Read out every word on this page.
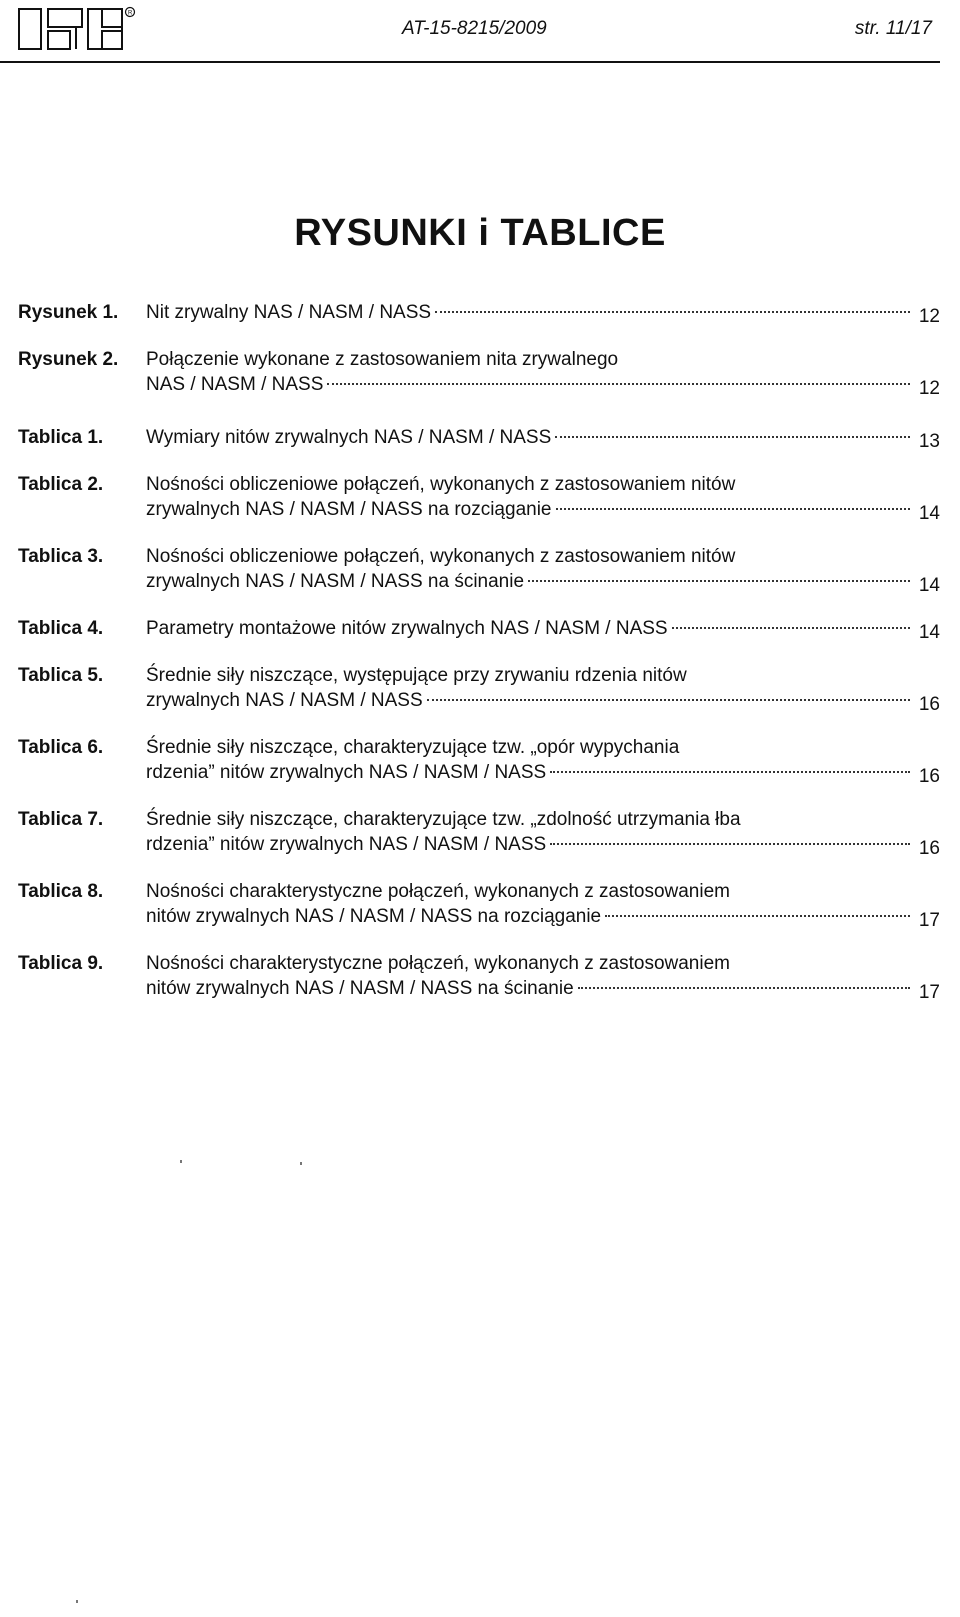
R
AT-15-8215/2009	str. 11/17
RYSUNKI i TABLICE
Rysunek 1.	Nit zrywalny NAS / NASM / NASS	12
Rysunek 2.	Połączenie wykonane z zastosowaniem nita zrywalnego
NAS / NASM / NASS	12
Tablica 1.	Wymiary nitów zrywalnych NAS / NASM / NASS	13
Tablica 2.	Nośności obliczeniowe połączeń, wykonanych z zastosowaniem nitów
zrywalnych NAS / NASM / NASS na rozciąganie	14
Tablica 3.	Nośności obliczeniowe połączeń, wykonanych z zastosowaniem nitów
zrywalnych NAS / NASM / NASS na ścinanie	14
Tablica 4.	Parametry montażowe nitów zrywalnych NAS / NASM / NASS	14
Tablica 5.	Średnie siły niszczące, występujące przy zrywaniu rdzenia nitów
zrywalnych NAS / NASM / NASS	16
Tablica 6.	Średnie siły niszczące, charakteryzujące tzw. „opór wypychania
rdzenia” nitów zrywalnych NAS / NASM / NASS	16
Tablica 7.	Średnie siły niszczące, charakteryzujące tzw. „zdolność utrzymania łba
rdzenia” nitów zrywalnych NAS / NASM / NASS	16
Tablica 8.	Nośności charakterystyczne połączeń, wykonanych z zastosowaniem
nitów zrywalnych NAS / NASM / NASS na rozciąganie	17
Tablica 9.	Nośności charakterystyczne połączeń, wykonanych z zastosowaniem
nitów zrywalnych NAS / NASM / NASS na ścinanie	17
